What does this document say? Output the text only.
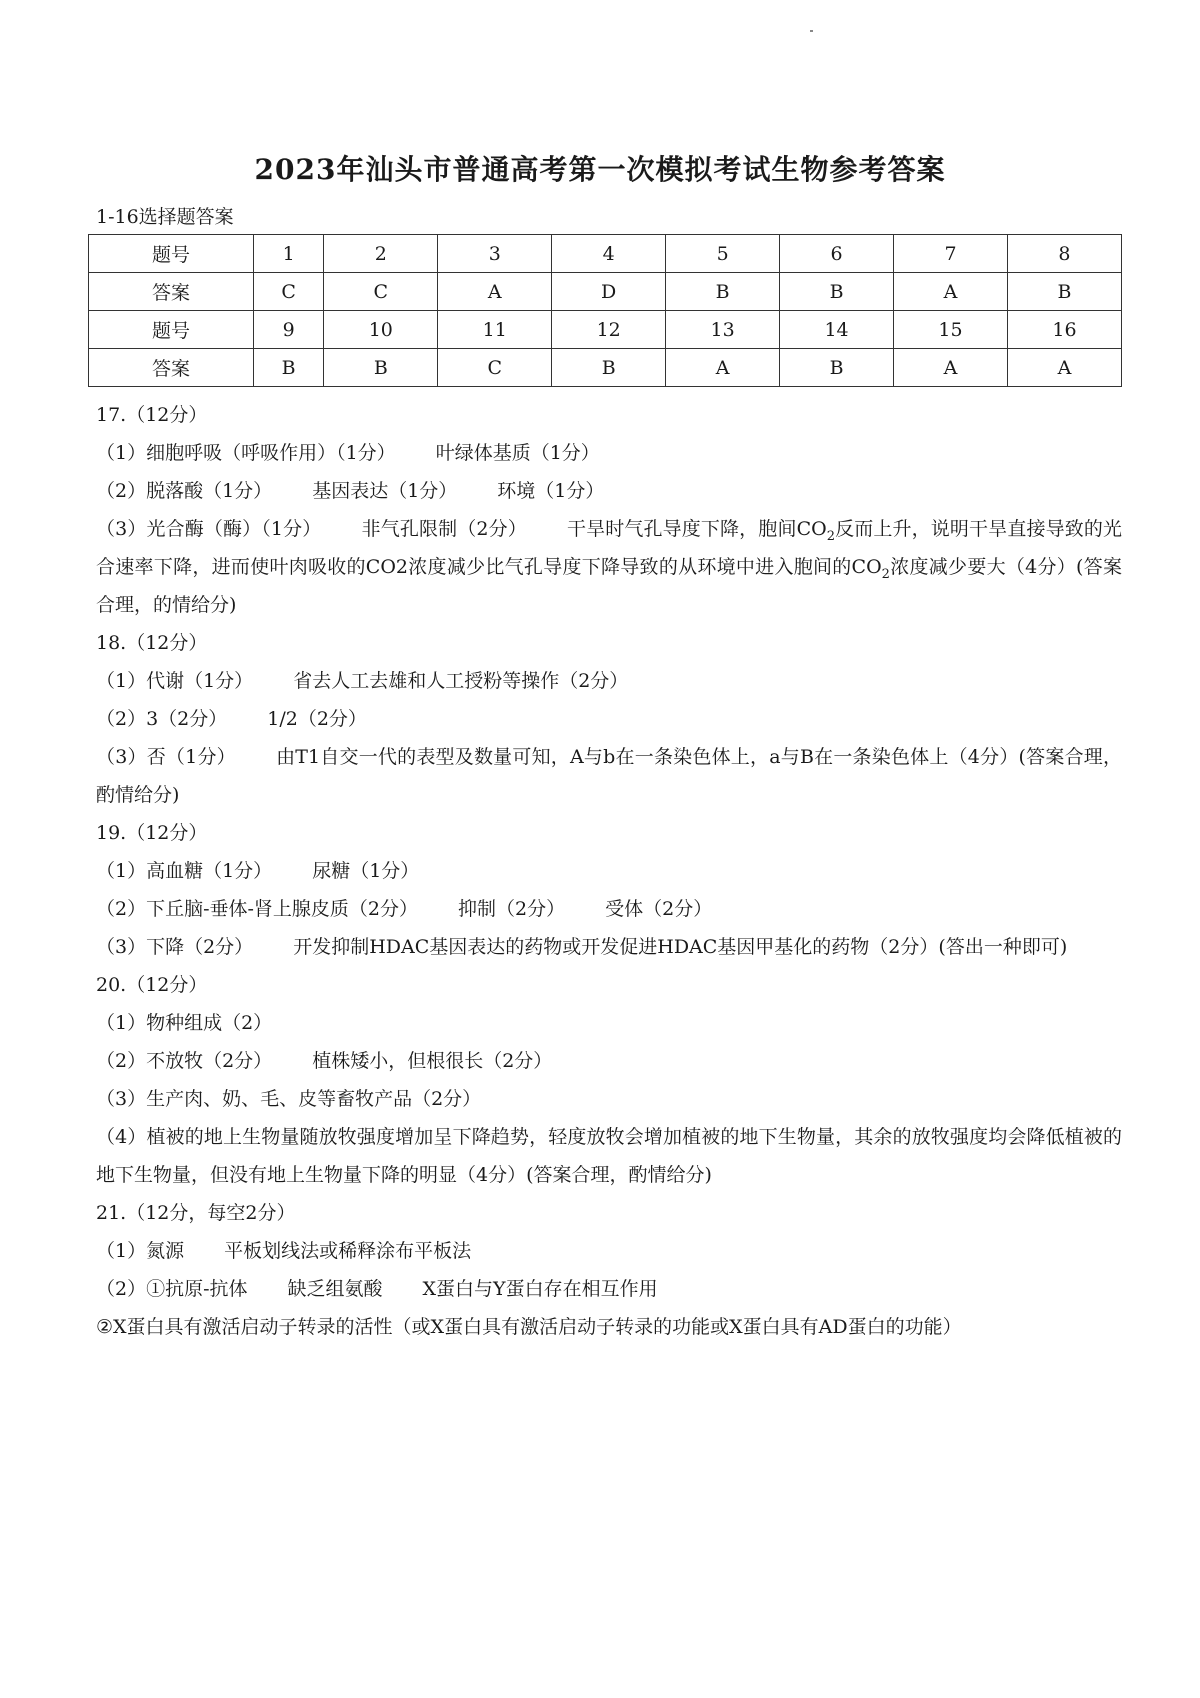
2023年汕头市普通高考第一次模拟考试生物参考答案
1-16选择题答案
题号	1	2	3	4	5	6	7	8
答案	C	C	A	D	B	B	A	B
题号	9	10	11	12	13	14	15	16
答案	B	B	C	B	A	B	A	A

17.（12分）

（1）细胞呼吸（呼吸作用）（1分） 叶绿体基质（1分）

（2）脱落酸（1分） 基因表达（1分） 环境（1分）

（3）光合酶（酶）（1分） 非气孔限制（2分） 干旱时气孔导度下降，胞间$CO_2$反而上升，说明干旱直接导致的光合速率下降，进而使叶肉吸收的CO2浓度减少比气孔导度下降导致的从环境中进入胞间的$CO_2$浓度减少要大（4分）(答案合理，的情给分)

18.（12分）

（1）代谢（1分） 省去人工去雄和人工授粉等操作（2分）

（2）3（2分） 1/2（2分）

（3）否（1分） 由T1自交一代的表型及数量可知，A与b在一条染色体上，a与B在一条染色体上（4分）(答案合理，酌情给分)

19.（12分）

（1）高血糖（1分） 尿糖（1分）

（2）下丘脑-垂体-肾上腺皮质（2分） 抑制（2分） 受体（2分）

（3）下降（2分） 开发抑制HDAC基因表达的药物或开发促进HDAC基因甲基化的药物（2分）(答出一种即可)

20.（12分）

（1）物种组成（2）

（2）不放牧（2分） 植株矮小，但根很长（2分）

（3）生产肉、奶、毛、皮等畜牧产品（2分）

（4）植被的地上生物量随放牧强度增加呈下降趋势，轻度放牧会增加植被的地下生物量，其余的放牧强度均会降低植被的地下生物量，但没有地上生物量下降的明显（4分）(答案合理，酌情给分)

21.（12分，每空2分）

（1）氮源 平板划线法或稀释涂布平板法

（2）①抗原-抗体 缺乏组氨酸 X蛋白与Y蛋白存在相互作用

②X蛋白具有激活启动子转录的活性（或X蛋白具有激活启动子转录的功能或X蛋白具有AD蛋白的功能）
